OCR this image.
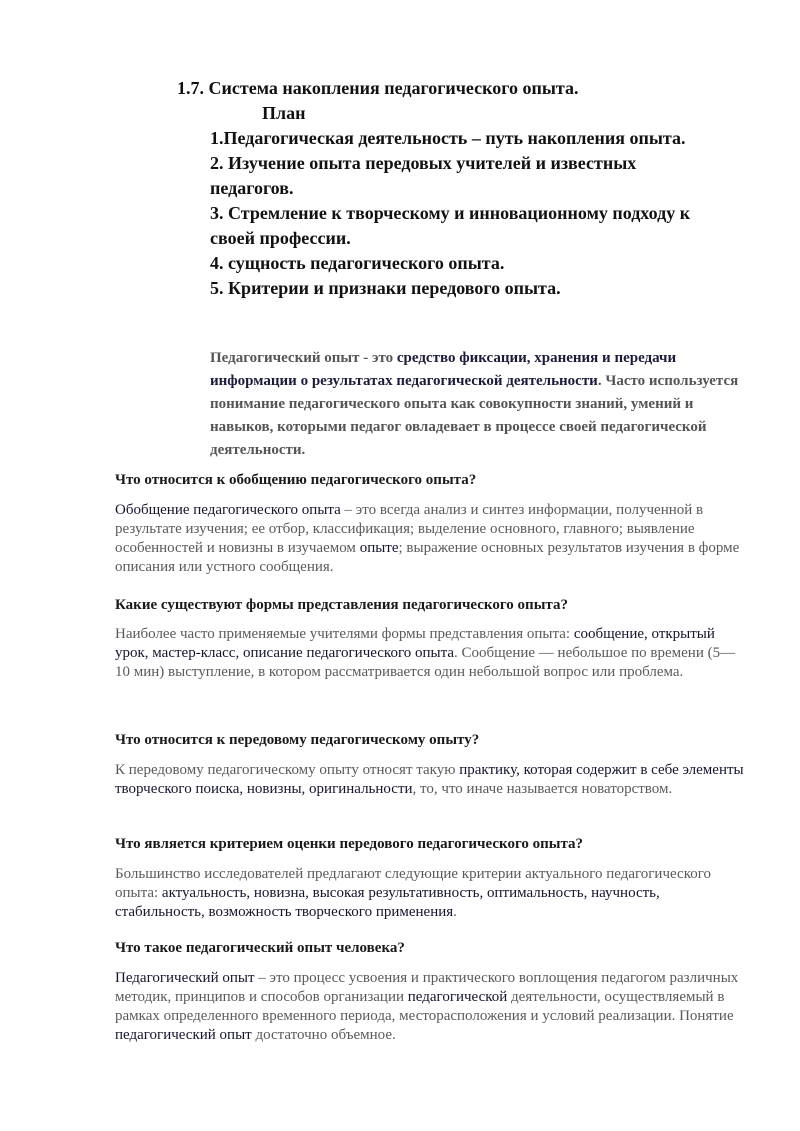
1.7. Система накопления педагогического опыта.
План
1.Педагогическая деятельность – путь накопления опыта.
2. Изучение опыта передовых учителей и известных
педагогов.
3. Стремление к творческому и инновационному подходу к
своей профессии.
4. сущность педагогического опыта.
5. Критерии и признаки передового опыта.
Педагогический опыт - это средство фиксации, хранения и передачи информации о результатах педагогической деятельности. Часто используется понимание педагогического опыта как совокупности знаний, умений и навыков, которыми педагог овладевает в процессе своей педагогической деятельности.
Что относится к обобщению педагогического опыта?
Обобщение педагогического опыта – это всегда анализ и синтез информации, полученной в результате изучения; ее отбор, классификация; выделение основного, главного; выявление особенностей и новизны в изучаемом опыте; выражение основных результатов изучения в форме описания или устного сообщения.
Какие существуют формы представления педагогического опыта?
Наиболее часто применяемые учителями формы представления опыта: сообщение, открытый урок, мастер-класс, описание педагогического опыта. Сообщение — небольшое по времени (5—10 мин) выступление, в котором рассматривается один небольшой вопрос или проблема.
Что относится к передовому педагогическому опыту?
К передовому педагогическому опыту относят такую практику, которая содержит в себе элементы творческого поиска, новизны, оригинальности, то, что иначе называется новаторством.
Что является критерием оценки передового педагогического опыта?
Большинство исследователей предлагают следующие критерии актуального педагогического опыта: актуальность, новизна, высокая результативность, оптимальность, научность, стабильность, возможность творческого применения.
Что такое педагогический опыт человека?
Педагогический опыт – это процесс усвоения и практического воплощения педагогом различных методик, принципов и способов организации педагогической деятельности, осуществляемый в рамках определенного временного периода, месторасположения и условий реализации. Понятие педагогический опыт достаточно объемное.
